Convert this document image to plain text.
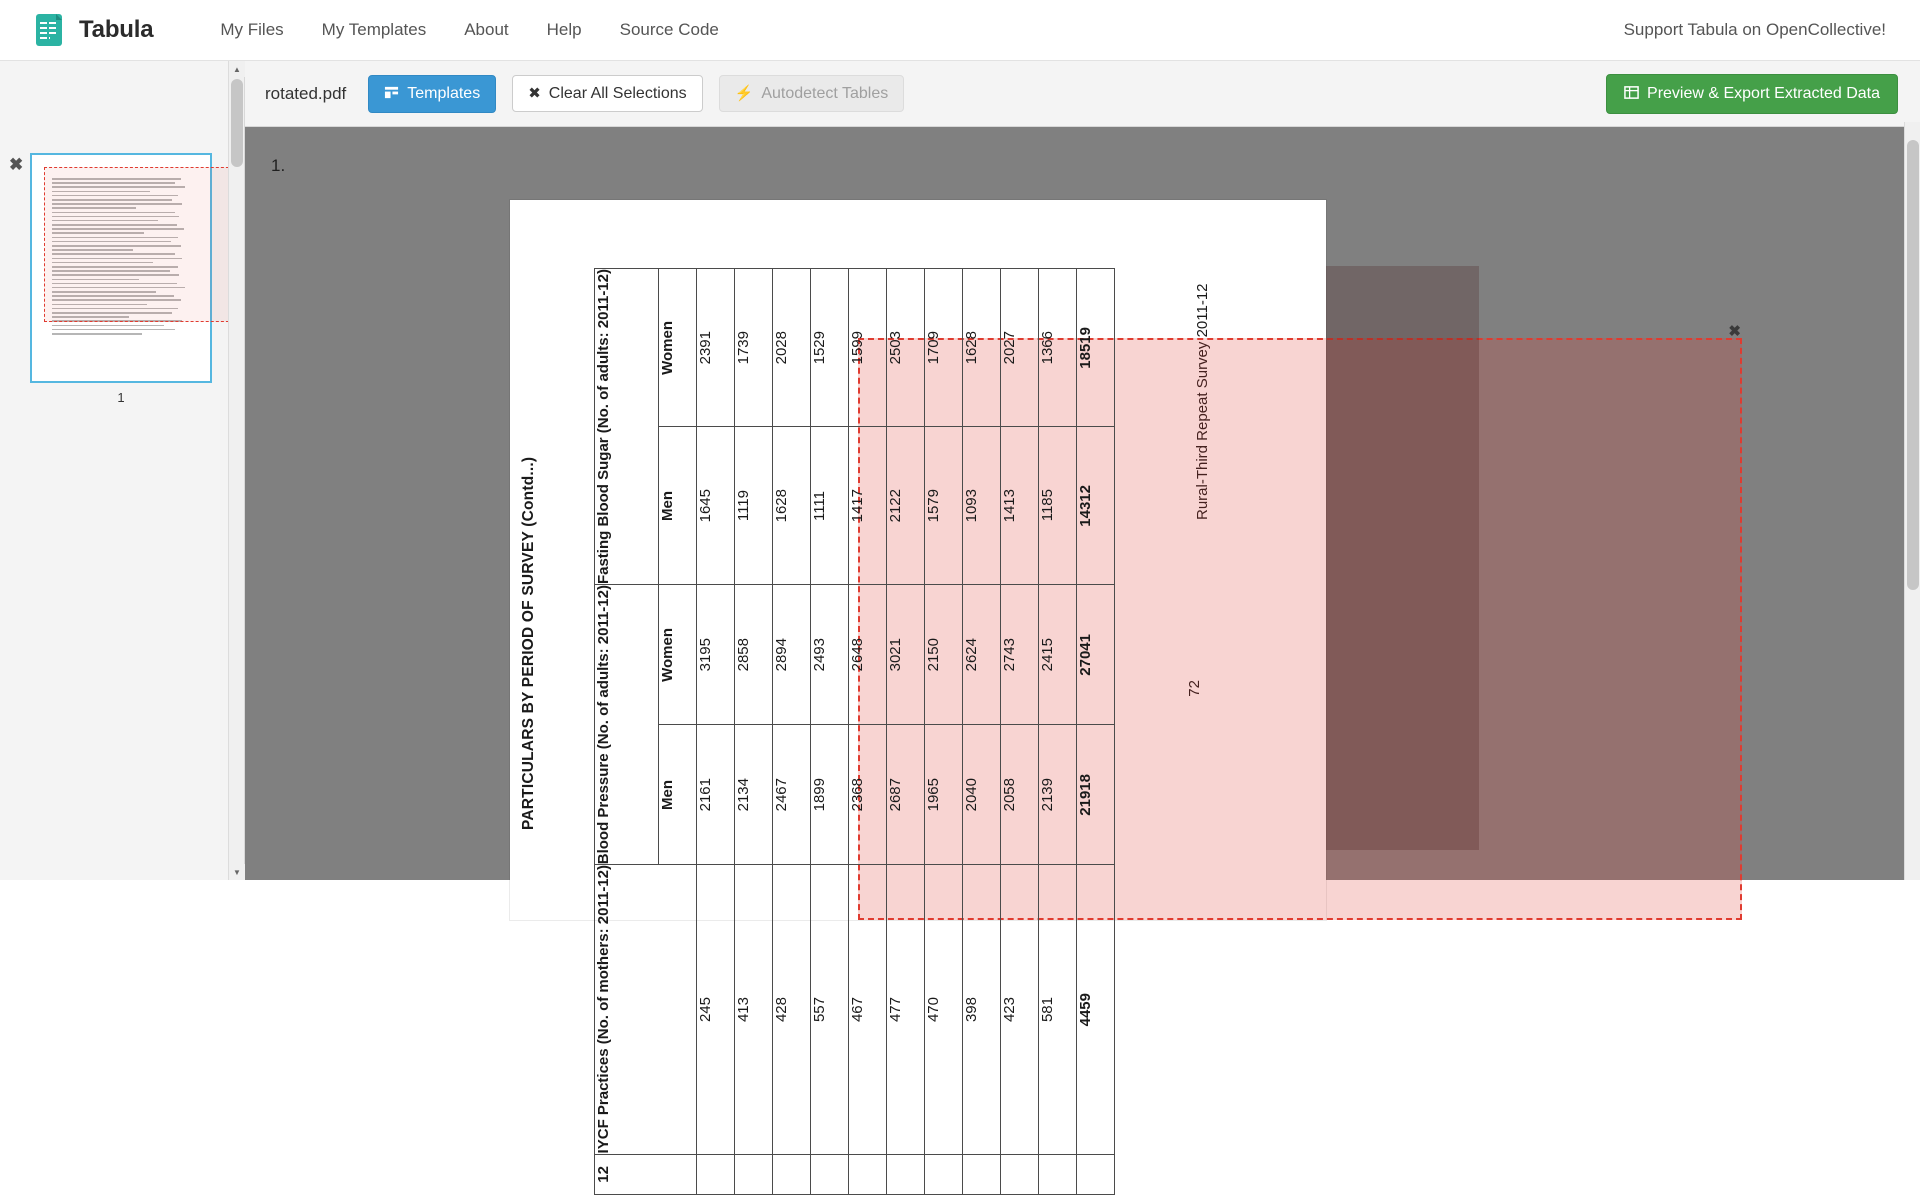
Tabula	My Files	My Templates	About	Help	Source Code	Support Tabula on OpenCollective!
✖
1
▲
▼
rotated.pdf	Templates	✖ Clear All Selections	⚡ Autodetect Tables	Preview & Export Extracted Data
1.
✖
PARTICULARS BY PERIOD OF SURVEY (Contd...)
Rural-Third Repeat Survey 2011-12
72
Fasting Blood Sugar (No. of adults: 2011-12)	Women	2391	1739	2028	1529	1599	2503	1709	1628	2027	1366	18519

	Men	1645	1119	1628	1111	1417	2122	1579	1093	1413	1185	14312

Blood Pressure (No. of adults: 2011-12)	Women	3195	2858	2894	2493	2648	3021	2150	2624	2743	2415	27041

	Men	2161	2134	2467	1899	2368	2687	1965	2040	2058	2139	21918

IYCF Practices (No. of mothers: 2011-12)		245	413	428	557	467	477	470	398	423	581	4459

12												
